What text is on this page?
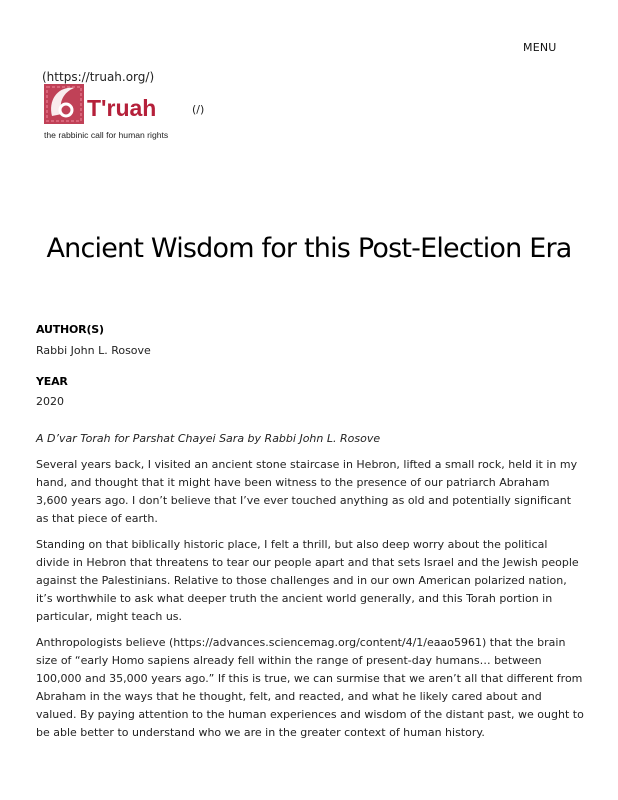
MENU
(https://truah.org/)
T'ruah
the rabbinic call for human rights
(/)
Ancient Wisdom for this Post-Election Era
AUTHOR(S)
Rabbi John L. Rosove
YEAR
2020

A D’var Torah for Parshat Chayei Sara by Rabbi John L. Rosove

Several years back, I visited an ancient stone staircase in Hebron, lifted a small rock, held it in my hand, and thought that it might have been witness to the presence of our patriarch Abraham 3,600 years ago. I don’t believe that I’ve ever touched anything as old and potentially significant as that piece of earth.

Standing on that biblically historic place, I felt a thrill, but also deep worry about the political divide in Hebron that threatens to tear our people apart and that sets Israel and the Jewish people against the Palestinians. Relative to those challenges and in our own American polarized nation, it’s worthwhile to ask what deeper truth the ancient world generally, and this Torah portion in particular, might teach us.

Anthropologists believe (https://advances.sciencemag.org/content/4/1/eaao5961) that the brain size of “early Homo sapiens already fell within the range of present-day humans… between 100,000 and 35,000 years ago.” If this is true, we can surmise that we aren’t all that different from Abraham in the ways that he thought, felt, and reacted, and what he likely cared about and valued. By paying attention to the human experiences and wisdom of the distant past, we ought to be able better to understand who we are in the greater context of human history.
